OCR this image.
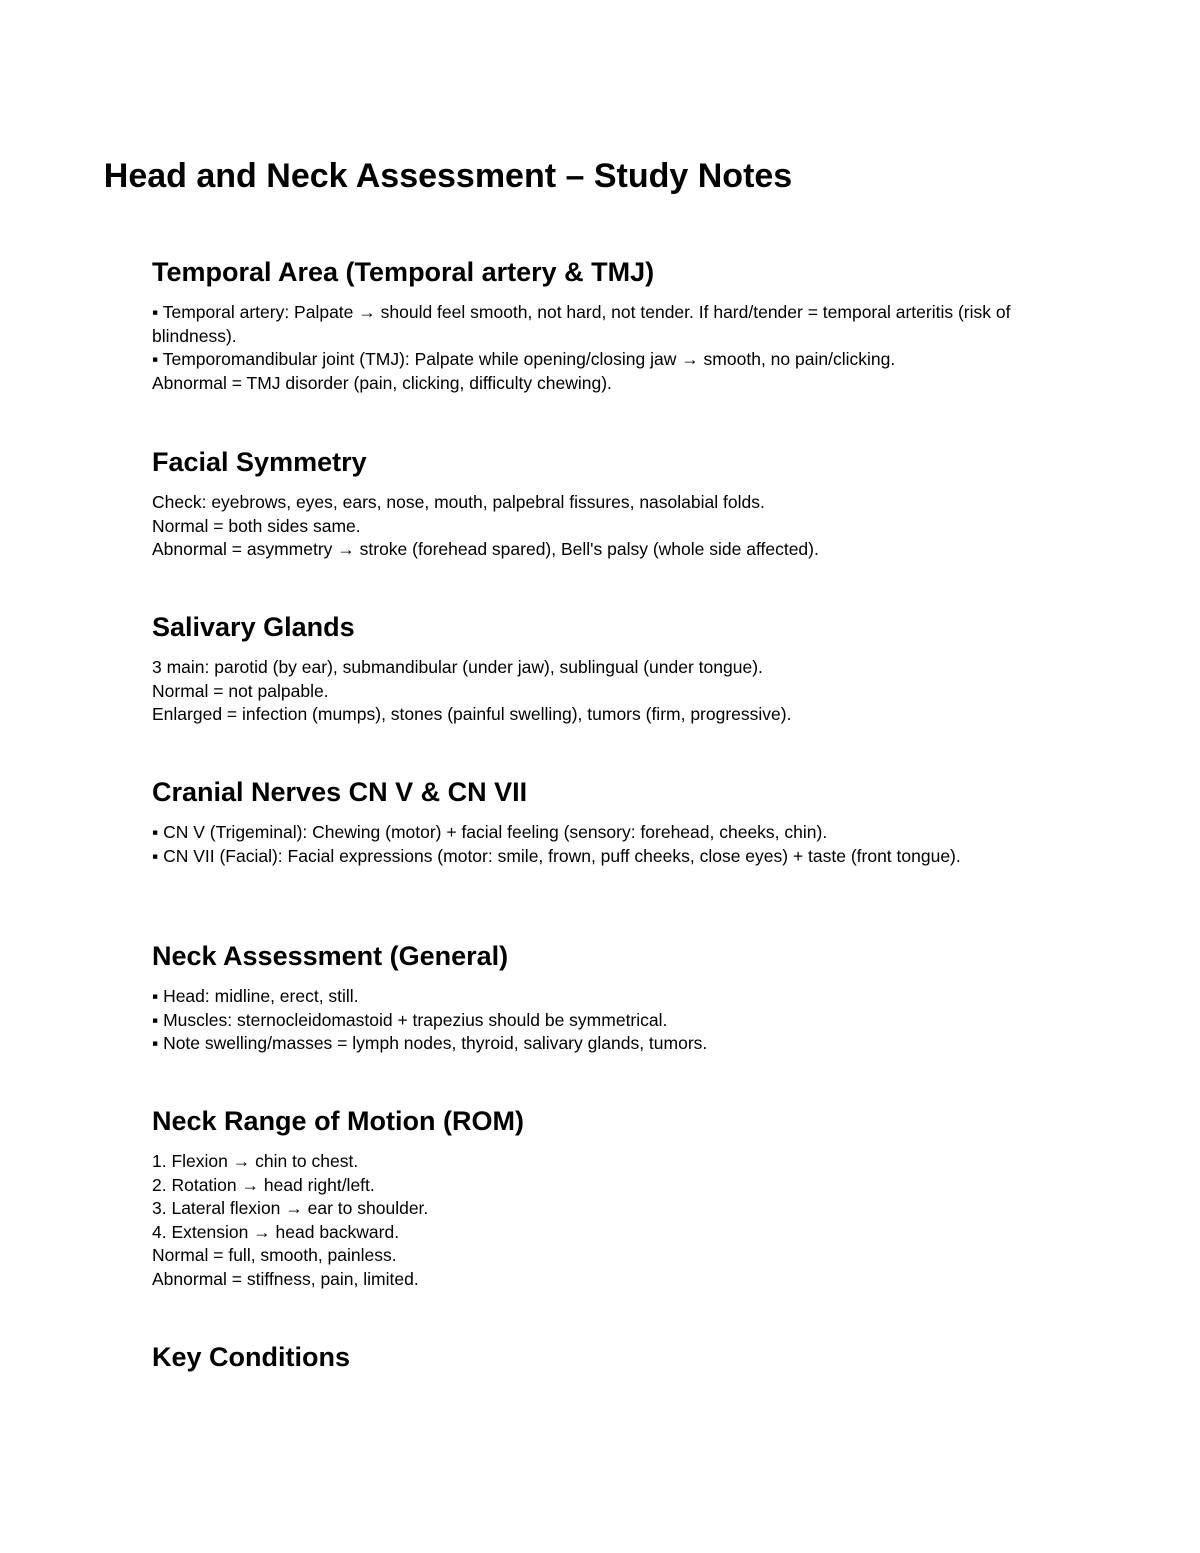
Head and Neck Assessment – Study Notes
Temporal Area (Temporal artery & TMJ)
▪ Temporal artery: Palpate → should feel smooth, not hard, not tender. If hard/tender = temporal arteritis (risk of blindness).
▪ Temporomandibular joint (TMJ): Palpate while opening/closing jaw → smooth, no pain/clicking.
Abnormal = TMJ disorder (pain, clicking, difficulty chewing).
Facial Symmetry
Check: eyebrows, eyes, ears, nose, mouth, palpebral fissures, nasolabial folds.
Normal = both sides same.
Abnormal = asymmetry → stroke (forehead spared), Bell's palsy (whole side affected).
Salivary Glands
3 main: parotid (by ear), submandibular (under jaw), sublingual (under tongue).
Normal = not palpable.
Enlarged = infection (mumps), stones (painful swelling), tumors (firm, progressive).
Cranial Nerves CN V & CN VII
▪ CN V (Trigeminal): Chewing (motor) + facial feeling (sensory: forehead, cheeks, chin).
▪ CN VII (Facial): Facial expressions (motor: smile, frown, puff cheeks, close eyes) + taste (front tongue).
Neck Assessment (General)
▪ Head: midline, erect, still.
▪ Muscles: sternocleidomastoid + trapezius should be symmetrical.
▪ Note swelling/masses = lymph nodes, thyroid, salivary glands, tumors.
Neck Range of Motion (ROM)
1. Flexion → chin to chest.
2. Rotation → head right/left.
3. Lateral flexion → ear to shoulder.
4. Extension → head backward.
Normal = full, smooth, painless.
Abnormal = stiffness, pain, limited.
Key Conditions
